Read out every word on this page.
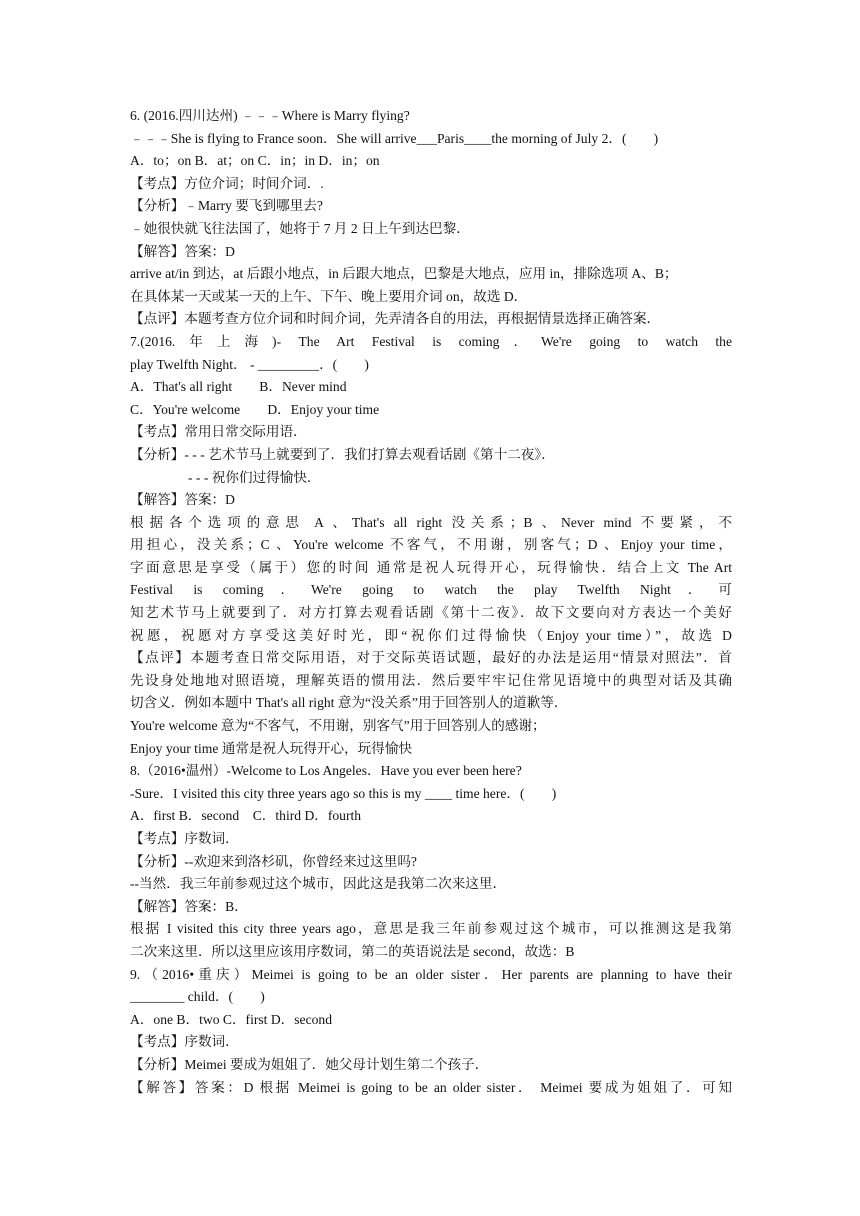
6. (2016.四川达州) ﹣﹣﹣Where is Marry flying?
﹣﹣﹣She is flying to France soon．She will arrive___Paris____the morning of July 2．(　　)
A．to；on B．at；on C．in；in D．in；on
【考点】方位介词；时间介词．.
【分析】﹣Marry 要飞到哪里去?
﹣她很快就飞往法国了，她将于 7 月 2 日上午到达巴黎．
【解答】答案：D
arrive at/in 到达，at 后跟小地点，in 后跟大地点，巴黎是大地点，应用 in，排除选项 A、B；
在具体某一天或某一天的上午、下午、晚上要用介词 on，故选 D．
【点评】本题考查方位介词和时间介词，先弄清各自的用法，再根据情景选择正确答案．
7.(2016.年上海)- The Art Festival is coming．We're going to watch the
play Twelfth Night． - _________．(　　)
A．That's all right　　B．Never mind
C．You're welcome　　D．Enjoy your time
【考点】常用日常交际用语．
【分析】- - - 艺术节马上就要到了．我们打算去观看话剧《第十二夜》．
- - - 祝你们过得愉快．
【解答】答案：D
根据各个选项的意思 A 、That's all right 没关系；B 、Never mind 不要紧，不
用担心，没关系；C 、You're welcome 不客气，不用谢，别客气；D 、Enjoy your time，
字面意思是享受（属于）您的时间 通常是祝人玩得开心，玩得愉快．结合上文 The Art
Festival is coming．We're going to watch the play Twelfth Night．可
知艺术节马上就要到了．对方打算去观看话剧《第十二夜》．故下文要向对方表达一个美好
祝愿，祝愿对方享受这美好时光，即“祝你们过得愉快（Enjoy your time）”，故选 D
【点评】本题考查日常交际用语，对于交际英语试题，最好的办法是运用“情景对照法”．首
先设身处地地对照语境，理解英语的惯用法．然后要牢牢记住常见语境中的典型对话及其确
切含义．例如本题中 That's all right 意为“没关系”用于回答别人的道歉等．
You're welcome 意为“不客气，不用谢，别客气”用于回答别人的感谢；
Enjoy your time 通常是祝人玩得开心，玩得愉快
8.（2016•温州）-Welcome to Los Angeles．Have you ever been here?
-Sure．I visited this city three years ago so this is my ____ time here．(　　)
A．first B．second　C．third D．fourth
【考点】序数词．
【分析】--欢迎来到洛杉矶，你曾经来过这里吗?
--当然．我三年前参观过这个城市，因此这是我第二次来这里．
【解答】答案：B．
根据 I visited this city three years ago，意思是我三年前参观过这个城市，可以推测这是我第
二次来这里．所以这里应该用序数词，第二的英语说法是 second，故选：B
9.（2016•重庆）Meimei is going to be an older sister．Her parents are planning to have their
________ child．(　　)
A．one B．two C．first D．second
【考点】序数词．
【分析】Meimei 要成为姐姐了．她父母计划生第二个孩子．
【解答】答案：D 根据 Meimei is going to be an older sister． Meimei 要成为姐姐了．可知
